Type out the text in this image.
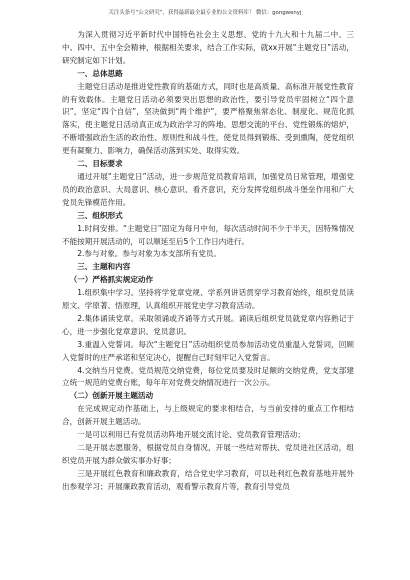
关注头条号“公文研究”，获得最新最全最专业的公文资料库！ 微信：gongwenyj

为深入贯彻习近平新时代中国特色社会主义思想、党的十九大和十九届二中、三中、四中、五中全会精神，根据相关要求，结合工作实际，就xx开展“主题党日”活动，研究制定如下计划。

一、总体思路

主题党日活动是推进党性教育的基础方式，同时也是高质量、高标准开展党性教育的有效载体。主题党日活动必须要突出思想的政治性，要引导党员牢固树立“四个意识”，坚定“四个自信”，坚决做到“两个维护”，要严格聚焦常态化、制度化、规范化抓落实，使主题党日活动真正成为政治学习的阵地、思想交流的平台、党性锻炼的熔炉，不断增强政治生活的政治性、原则性和战斗性，使党员得到锻炼、受到熏陶，使党组织更有凝聚力、影响力，确保活动落到实处、取得实效。

二、目标要求

通过开展“主题党日”活动，进一步规范党员教育培训，加强党员日常管理，增强党员的政治意识、大局意识、核心意识、看齐意识，充分发挥党组织战斗堡垒作用和广大党员先锋模范作用。

三、组织形式

1.时间安排。“主题党日”固定为每月中旬，每次活动时间不少于半天，因特殊情况不能按期开展活动的，可以顺延至后5个工作日内进行。

2.参与对象。参与对象为本支部所有党员。

三、主题和内容

（一）严格抓实规定动作

1.组织集中学习。坚持将学党章党规、学系列讲话贯穿学习教育始终，组织党员读原文、学原著、悟原理，认真组织开展党史学习教育活动。

2.集体诵读党章。采取领诵或齐诵等方式开展。诵读后组织党员就党章内容熟记于心，进一步强化党章意识、党员意识。

3.重温入党誓词。每次“主题党日”活动组织党员参加活动党员重温入党誓词，回顾入党誓时的庄严承诺和坚定决心，提醒自己时刻牢记入党誓言。

4.交纳当月党费。党员规范交纳党费，每位党员要及时足额的交纳党费，党支部建立统一规范的党费台账，每年年对党费交纳情况进行一次公示。

（二）创新开展主题活动

在完成规定动作基础上，与上级规定的要求相结合，与当前安排的重点工作相结合，创新开展主题活动。

一是可以利用已有党员活动阵地开展交流讨论、党员教育管理活动；

二是开展志愿服务，根据党员自身情况，开展一些结对帮扶、党员进社区活动，组织党员开展为群众做实事办好事；

三是开展红色教育和廉政教育，结合党史学习教育，可以赴利红色教育基地开展外出参观学习；开展廉政教育活动，观看警示教育片等，教育引导党员
